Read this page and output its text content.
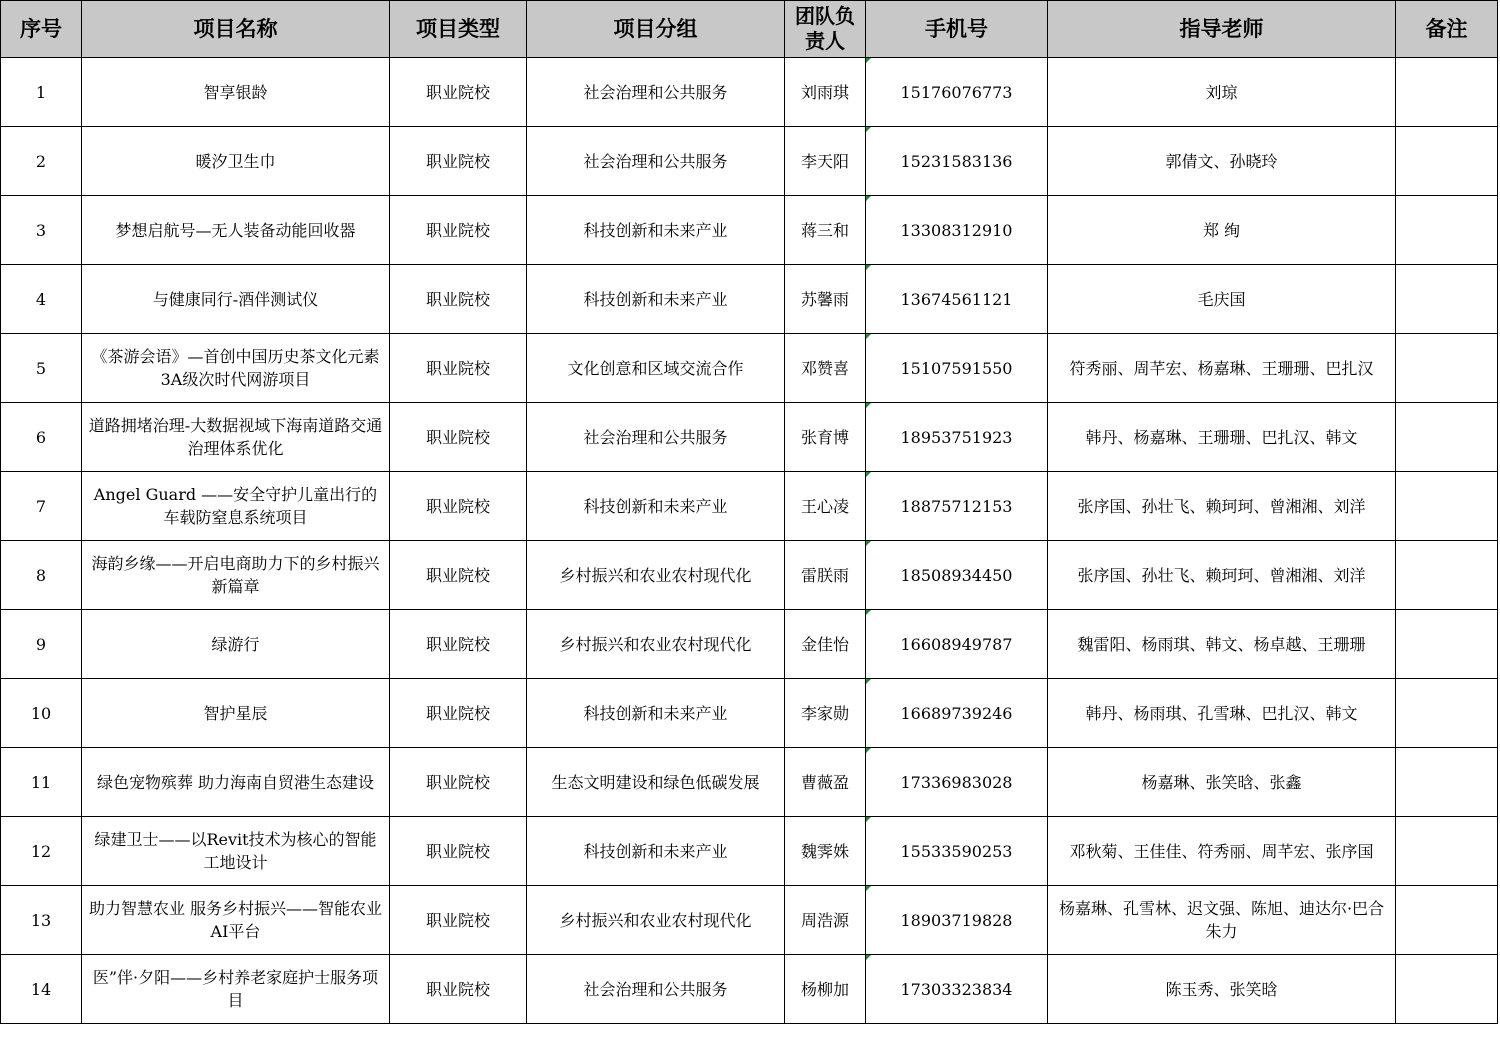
序号	项目名称	项目类型	项目分组	团队负责人	手机号	指导老师	备注
1	智享银龄	职业院校	社会治理和公共服务	刘雨琪	15176076773	刘琼	
2	暖汐卫生巾	职业院校	社会治理和公共服务	李天阳	15231583136	郭倩文、孙晓玲	
3	梦想启航号—无人装备动能回收器	职业院校	科技创新和未来产业	蒋三和	13308312910	郑 绚	
4	与健康同行-酒伴测试仪	职业院校	科技创新和未来产业	苏馨雨	13674561121	毛庆国	
5	《茶游会语》—首创中国历史茶文化元素3A级次时代网游项目	职业院校	文化创意和区域交流合作	邓赞喜	15107591550	符秀丽、周芊宏、杨嘉琳、王珊珊、巴扎汉	
6	道路拥堵治理-大数据视域下海南道路交通治理体系优化	职业院校	社会治理和公共服务	张育博	18953751923	韩丹、杨嘉琳、王珊珊、巴扎汉、韩文	
7	Angel Guard ——安全守护儿童出行的车载防窒息系统项目	职业院校	科技创新和未来产业	王心凌	18875712153	张序国、孙壮飞、赖珂珂、曾湘湘、刘洋	
8	海韵乡缘——开启电商助力下的乡村振兴新篇章	职业院校	乡村振兴和农业农村现代化	雷朕雨	18508934450	张序国、孙壮飞、赖珂珂、曾湘湘、刘洋	
9	绿游行	职业院校	乡村振兴和农业农村现代化	金佳怡	16608949787	魏雷阳、杨雨琪、韩文、杨卓越、王珊珊	
10	智护星辰	职业院校	科技创新和未来产业	李家勋	16689739246	韩丹、杨雨琪、孔雪琳、巴扎汉、韩文	
11	绿色宠物殡葬 助力海南自贸港生态建设	职业院校	生态文明建设和绿色低碳发展	曹薇盈	17336983028	杨嘉琳、张笑晗、张鑫	
12	绿建卫士——以Revit技术为核心的智能工地设计	职业院校	科技创新和未来产业	魏霁姝	15533590253	邓秋菊、王佳佳、符秀丽、周芊宏、张序国	
13	助力智慧农业 服务乡村振兴——智能农业AI平台	职业院校	乡村振兴和农业农村现代化	周浩源	18903719828	杨嘉琳、孔雪林、迟文强、陈旭、迪达尔·巴合朱力	
14	医”伴·夕阳——乡村养老家庭护士服务项目	职业院校	社会治理和公共服务	杨柳加	17303323834	陈玉秀、张笑晗	
